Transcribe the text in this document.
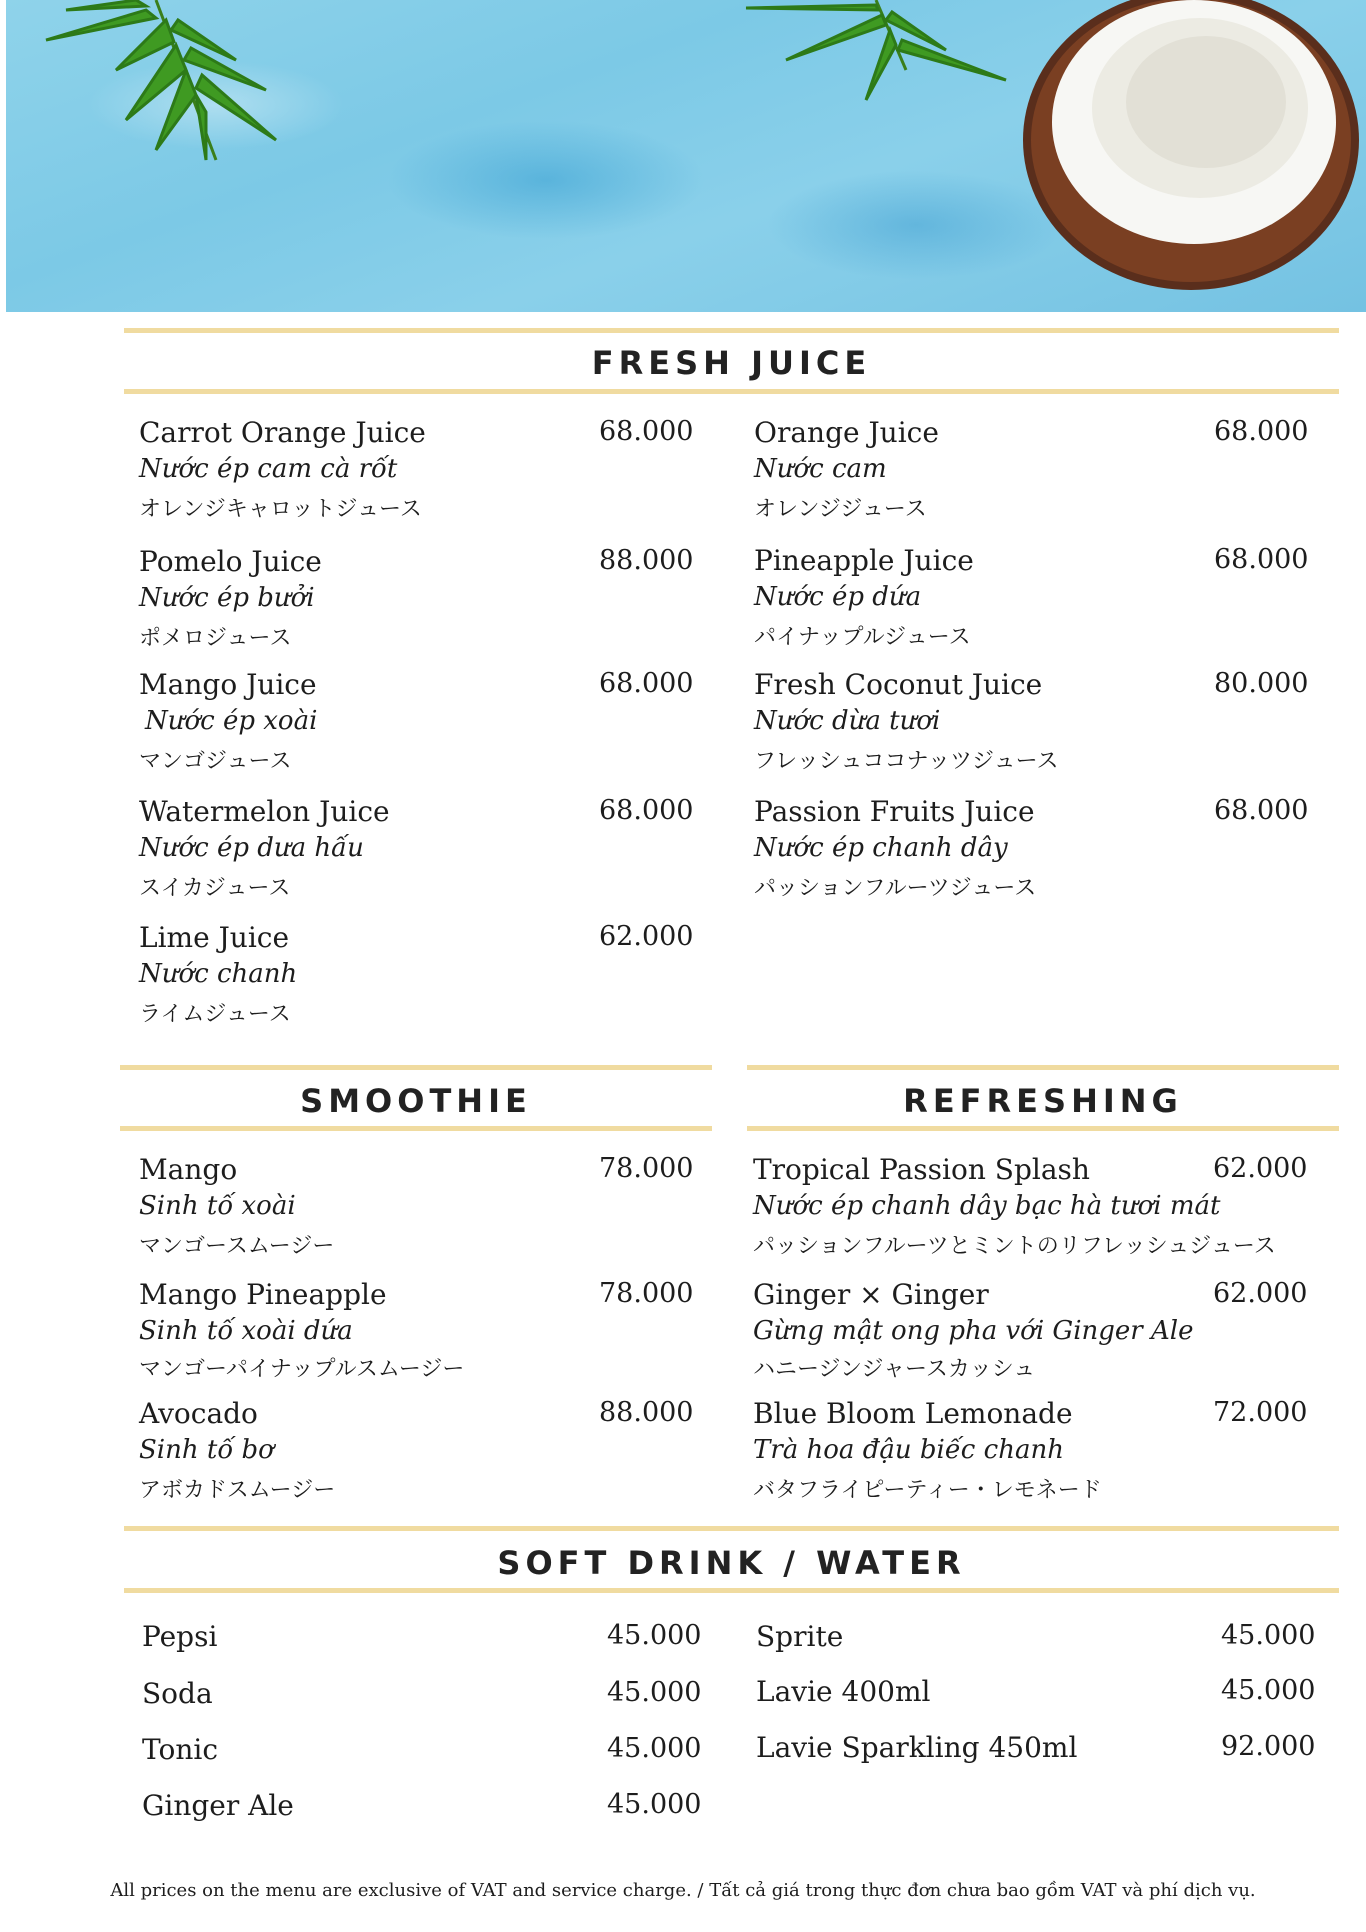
FRESH JUICE
Carrot Orange Juice	68.000
Nước ép cam cà rốt
オレンジキャロットジュース
Pomelo Juice	88.000
Nước ép bưởi
ポメロジュース
Mango Juice	68.000
Nước ép xoài
マンゴジュース
Watermelon Juice	68.000
Nước ép dưa hấu
スイカジュース
Lime Juice	62.000
Nước chanh
ライムジュース
Orange Juice	68.000
Nước cam
オレンジジュース
Pineapple Juice	68.000
Nước ép dứa
パイナップルジュース
Fresh Coconut Juice	80.000
Nước dừa tươi
フレッシュココナッツジュース
Passion Fruits Juice	68.000
Nước ép chanh dây
パッションフルーツジュース
SMOOTHIE
Mango	78.000
Sinh tố xoài
マンゴースムージー
Mango Pineapple	78.000
Sinh tố xoài dứa
マンゴーパイナップルスムージー
Avocado	88.000
Sinh tố bơ
アボカドスムージー
REFRESHING
Tropical Passion Splash	62.000
Nước ép chanh dây bạc hà tươi mát
パッションフルーツとミントのリフレッシュジュース
Ginger × Ginger	62.000
Gừng mật ong pha với Ginger Ale
ハニージンジャースカッシュ
Blue Bloom Lemonade	72.000
Trà hoa đậu biếc chanh
バタフライピーティー・レモネード
SOFT DRINK / WATER
Pepsi	45.000
Soda	45.000
Tonic	45.000
Ginger Ale	45.000
Sprite	45.000
Lavie 400ml	45.000
Lavie Sparkling 450ml	92.000
All prices on the menu are exclusive of VAT and service charge. / Tất cả giá trong thực đơn chưa bao gồm VAT và phí dịch vụ.
